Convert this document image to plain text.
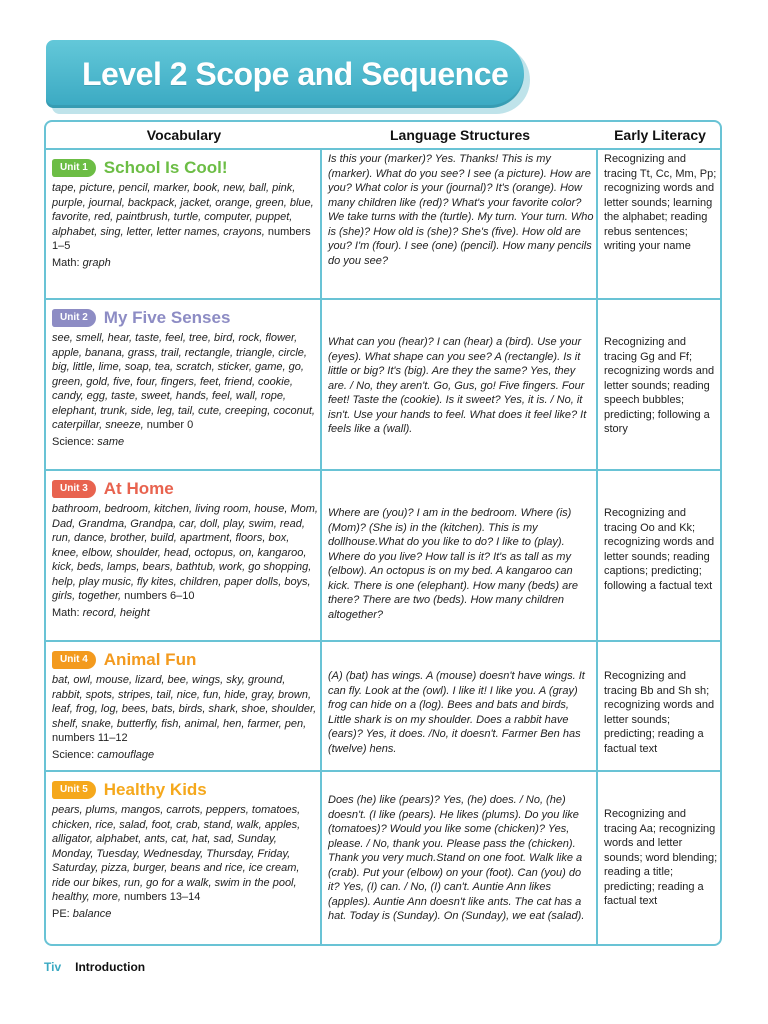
Level 2 Scope and Sequence
Vocabulary	Language Structures	Early Literacy
Unit 1 School Is Cool!
tape, picture, pencil, marker, book, new, ball, pink, purple, journal, backpack, jacket, orange, green, blue, favorite, red, paintbrush, turtle, computer, puppet, alphabet, sing, letter, letter names, crayons, numbers 1–5
Math: graph
Is this your (marker)? Yes. Thanks! This is my (marker). What do you see? I see (a picture). How are you? What color is your (journal)? It's (orange). How many children like (red)? What's your favorite color? We take turns with the (turtle). My turn. Your turn. Who is (she)? How old is (she)? She's (five). How old are you? I'm (four). I see (one) (pencil). How many pencils do you see?
Recognizing and tracing Tt, Cc, Mm, Pp; recognizing words and letter sounds; learning the alphabet; reading rebus sentences; writing your name
Unit 2 My Five Senses
see, smell, hear, taste, feel, tree, bird, rock, flower, apple, banana, grass, trail, rectangle, triangle, circle, big, little, lime, soap, tea, scratch, sticker, game, go, green, gold, five, four, fingers, feet, friend, cookie, candy, egg, taste, sweet, hands, feel, wall, rope, elephant, trunk, side, leg, tail, cute, creeping, coconut, caterpillar, sneeze, number 0
Science: same
What can you (hear)? I can (hear) a (bird). Use your (eyes). What shape can you see? A (rectangle). Is it little or big? It's (big). Are they the same? Yes, they are. / No, they aren't. Go, Gus, go! Five fingers. Four feet! Taste the (cookie). Is it sweet? Yes, it is. / No, it isn't. Use your hands to feel. What does it feel like? It feels like a (wall).
Recognizing and tracing Gg and Ff; recognizing words and letter sounds; reading speech bubbles; predicting; following a story
Unit 3 At Home
bathroom, bedroom, kitchen, living room, house, Mom, Dad, Grandma, Grandpa, car, doll, play, swim, read, run, dance, brother, build, apartment, floors, box, knee, elbow, shoulder, head, octopus, on, kangaroo, kick, beds, lamps, bears, bathtub, work, go shopping, help, play music, fly kites, children, paper dolls, boys, girls, together, numbers 6–10
Math: record, height
Where are (you)? I am in the bedroom. Where (is) (Mom)? (She is) in the (kitchen). This is my dollhouse.What do you like to do? I like to (play). Where do you live? How tall is it? It's as tall as my (elbow). An octopus is on my bed. A kangaroo can kick. There is one (elephant). How many (beds) are there? There are two (beds). How many children altogether?
Recognizing and tracing Oo and Kk; recognizing words and letter sounds; reading captions; predicting; following a factual text
Unit 4 Animal Fun
bat, owl, mouse, lizard, bee, wings, sky, ground, rabbit, spots, stripes, tail, nice, fun, hide, gray, brown, leaf, frog, log, bees, bats, birds, shark, shoe, shoulder, shelf, snake, butterfly, fish, animal, hen, farmer, pen, numbers 11–12
Science: camouflage
(A) (bat) has wings. A (mouse) doesn't have wings. It can fly. Look at the (owl). I like it! I like you. A (gray) frog can hide on a (log). Bees and bats and birds, Little shark is on my shoulder. Does a rabbit have (ears)? Yes, it does. /No, it doesn't. Farmer Ben has (twelve) hens.
Recognizing and tracing Bb and Sh sh; recognizing words and letter sounds; predicting; reading a factual text
Unit 5 Healthy Kids
pears, plums, mangos, carrots, peppers, tomatoes, chicken, rice, salad, foot, crab, stand, walk, apples, alligator, alphabet, ants, cat, hat, sad, Sunday, Monday, Tuesday, Wednesday, Thursday, Friday, Saturday, pizza, burger, beans and rice, ice cream, ride our bikes, run, go for a walk, swim in the pool, healthy, more, numbers 13–14
PE: balance
Does (he) like (pears)? Yes, (he) does. / No, (he) doesn't. (I like (pears). He likes (plums). Do you like (tomatoes)? Would you like some (chicken)? Yes, please. / No, thank you. Please pass the (chicken). Thank you very much.Stand on one foot. Walk like a (crab). Put your (elbow) on your (foot). Can (you) do it? Yes, (I) can. / No, (I) can't. Auntie Ann likes (apples). Auntie Ann doesn't like ants. The cat has a hat. Today is (Sunday). On (Sunday), we eat (salad).
Recognizing and tracing Aa; recognizing words and letter sounds; word blending; reading a title; predicting; reading a factual text
Tiv Introduction
